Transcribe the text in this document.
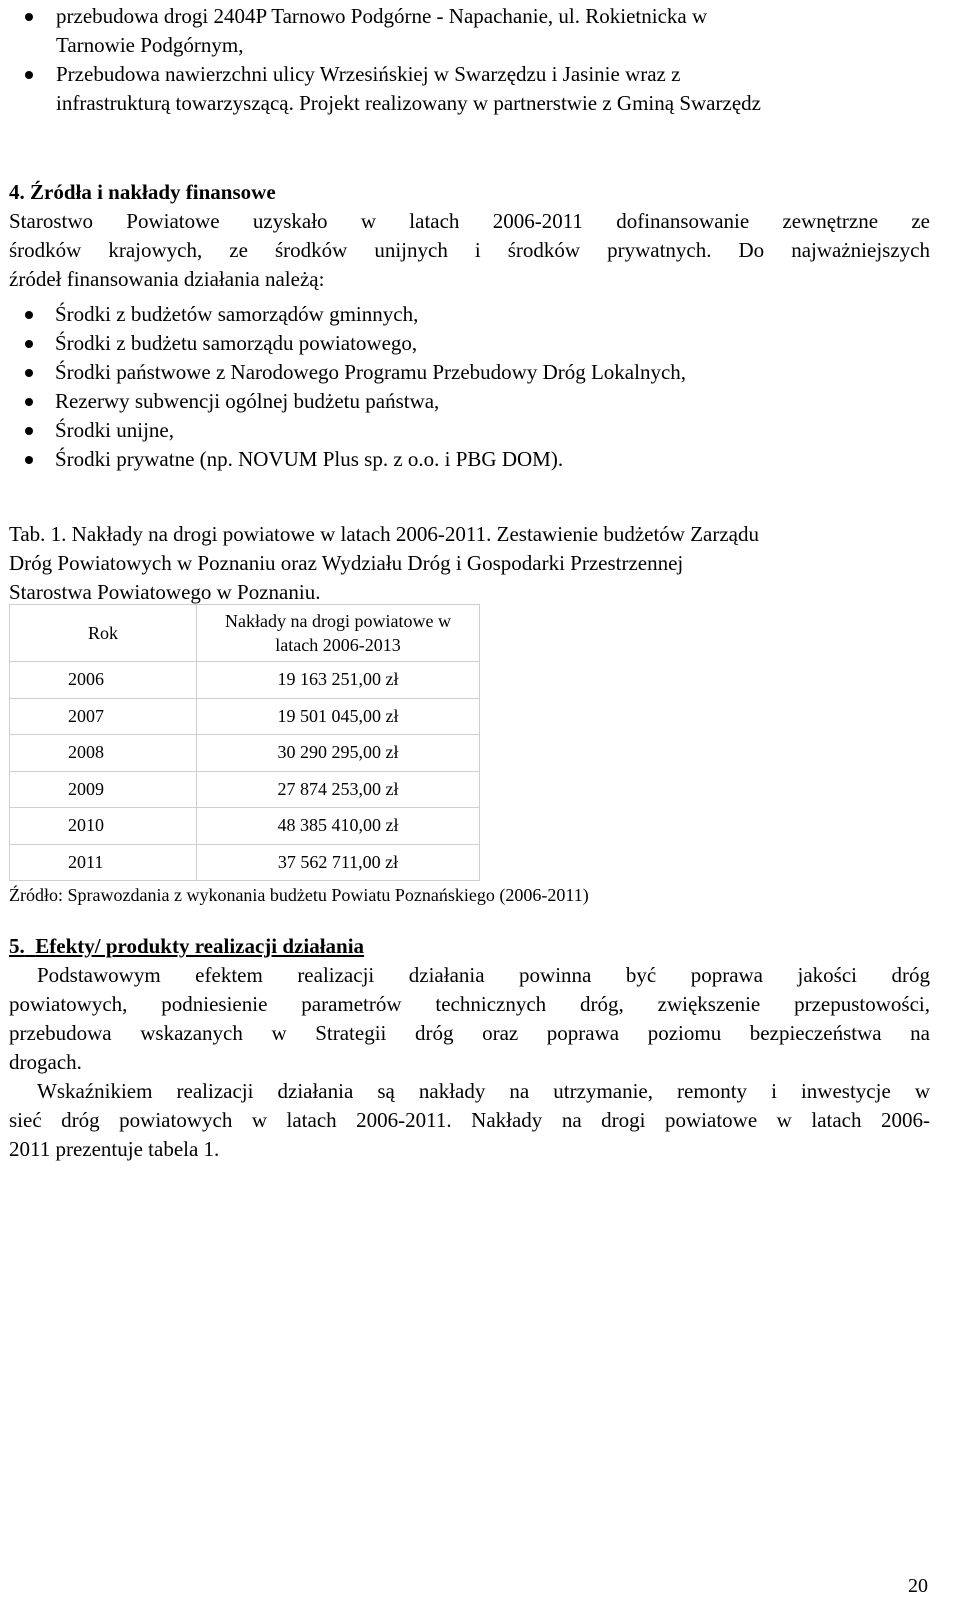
przebudowa drogi 2404P Tarnowo Podgórne - Napachanie, ul. Rokietnicka w
Tarnowie Podgórnym,
Przebudowa nawierzchni ulicy Wrzesińskiej w Swarzędzu i Jasinie wraz z
infrastrukturą towarzyszącą. Projekt realizowany w partnerstwie z Gminą Swarzędz
4. Źródła i nakłady finansowe
Starostwo Powiatowe uzyskało w latach 2006-2011 dofinansowanie zewnętrzne ze
środków krajowych, ze środków unijnych i środków prywatnych. Do najważniejszych
źródeł finansowania działania należą:
Środki z budżetów samorządów gminnych,
Środki z budżetu samorządu powiatowego,
Środki państwowe z Narodowego Programu Przebudowy Dróg Lokalnych,
Rezerwy subwencji ogólnej budżetu państwa,
Środki unijne,
Środki prywatne (np. NOVUM Plus sp. z o.o. i PBG DOM).
Tab. 1. Nakłady na drogi powiatowe w latach 2006-2011. Zestawienie budżetów Zarządu
Dróg Powiatowych w Poznaniu oraz Wydziału Dróg i Gospodarki Przestrzennej
Starostwa Powiatowego w Poznaniu.
Rok	Nakłady na drogi powiatowe w
latach 2006-2013
2006	19 163 251,00 zł
2007	19 501 045,00 zł
2008	30 290 295,00 zł
2009	27 874 253,00 zł
2010	48 385 410,00 zł
2011	37 562 711,00 zł
Źródło: Sprawozdania z wykonania budżetu Powiatu Poznańskiego (2006-2011)
5. Efekty/ produkty realizacji działania
Podstawowym efektem realizacji działania powinna być poprawa jakości dróg
powiatowych, podniesienie parametrów technicznych dróg, zwiększenie przepustowości,
przebudowa wskazanych w Strategii dróg oraz poprawa poziomu bezpieczeństwa na
drogach.
Wskaźnikiem realizacji działania są nakłady na utrzymanie, remonty i inwestycje w
sieć dróg powiatowych w latach 2006-2011. Nakłady na drogi powiatowe w latach 2006-
2011 prezentuje tabela 1.
20
